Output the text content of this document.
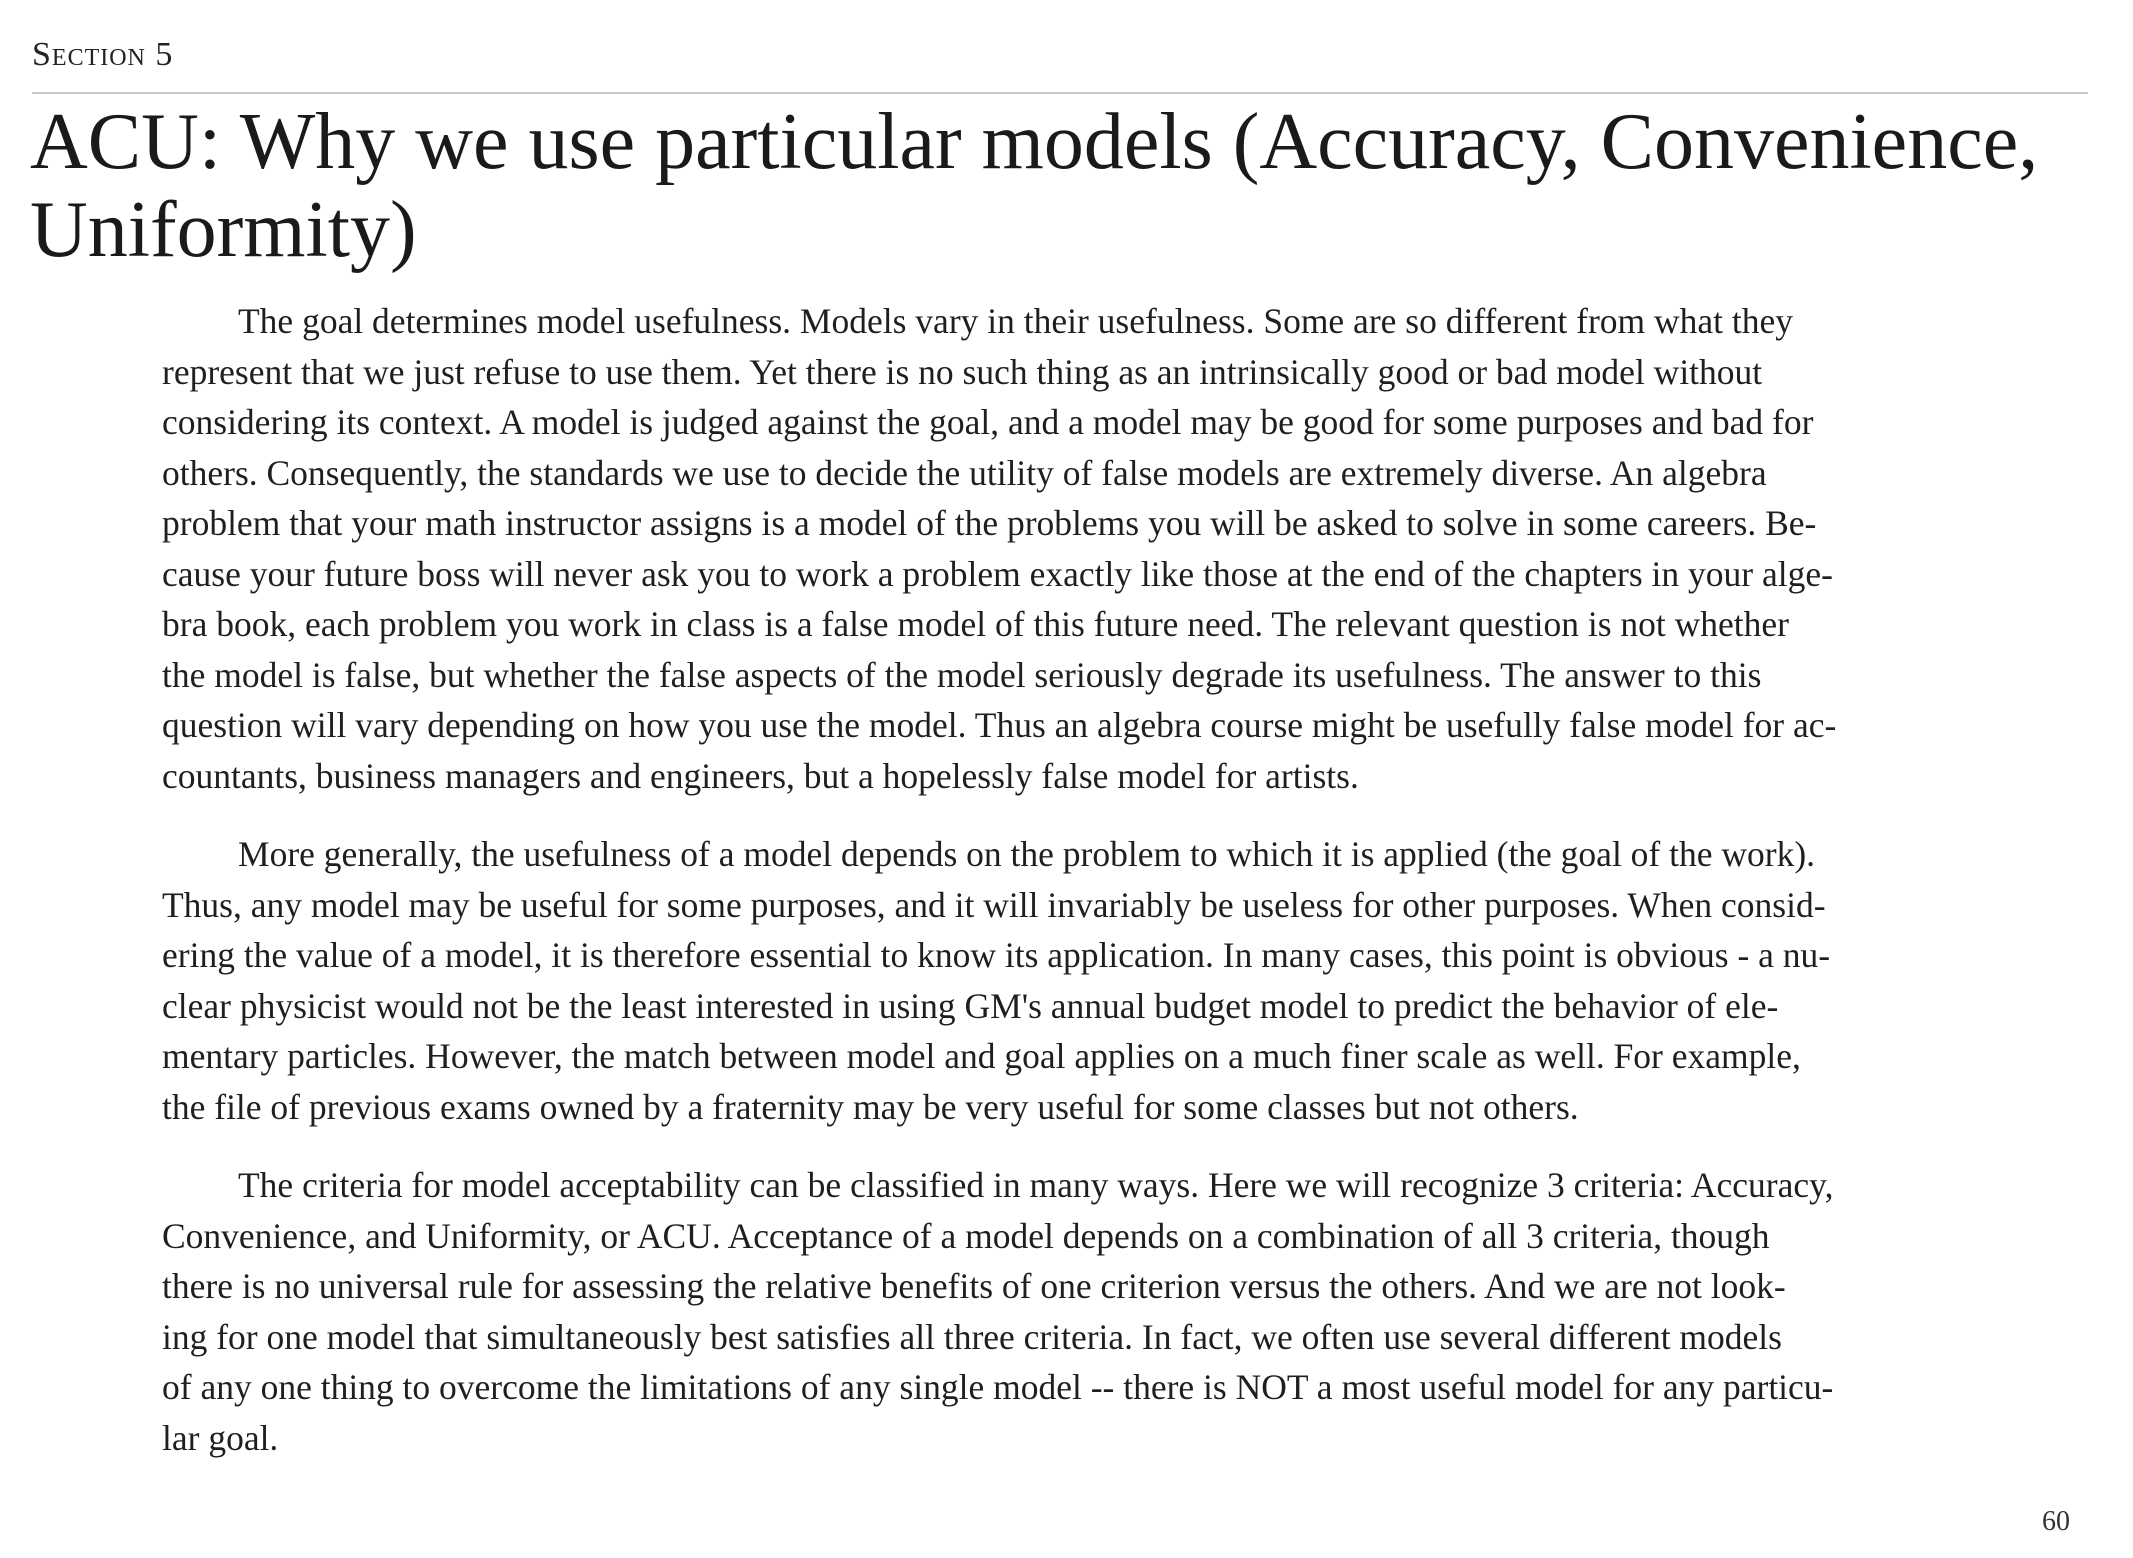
Section 5
ACU: Why we use particular models (Accuracy, Convenience, Uniformity)

The goal determines model usefulness. Models vary in their usefulness. Some are so different from what they
represent that we just refuse to use them. Yet there is no such thing as an intrinsically good or bad model without
considering its context. A model is judged against the goal, and a model may be good for some purposes and bad for
others. Consequently, the standards we use to decide the utility of false models are extremely diverse. An algebra
problem that your math instructor assigns is a model of the problems you will be asked to solve in some careers. Be-
cause your future boss will never ask you to work a problem exactly like those at the end of the chapters in your alge-
bra book, each problem you work in class is a false model of this future need. The relevant question is not whether
the model is false, but whether the false aspects of the model seriously degrade its usefulness. The answer to this
question will vary depending on how you use the model. Thus an algebra course might be usefully false model for ac-
countants, business managers and engineers, but a hopelessly false model for artists.

More generally, the usefulness of a model depends on the problem to which it is applied (the goal of the work).
Thus, any model may be useful for some purposes, and it will invariably be useless for other purposes. When consid-
ering the value of a model, it is therefore essential to know its application. In many cases, this point is obvious - a nu-
clear physicist would not be the least interested in using GM's annual budget model to predict the behavior of ele-
mentary particles. However, the match between model and goal applies on a much finer scale as well. For example,
the file of previous exams owned by a fraternity may be very useful for some classes but not others.

The criteria for model acceptability can be classified in many ways. Here we will recognize 3 criteria: Accuracy,
Convenience, and Uniformity, or ACU. Acceptance of a model depends on a combination of all 3 criteria, though
there is no universal rule for assessing the relative benefits of one criterion versus the others. And we are not look-
ing for one model that simultaneously best satisfies all three criteria. In fact, we often use several different models
of any one thing to overcome the limitations of any single model -- there is NOT a most useful model for any particu-
lar goal.

60
